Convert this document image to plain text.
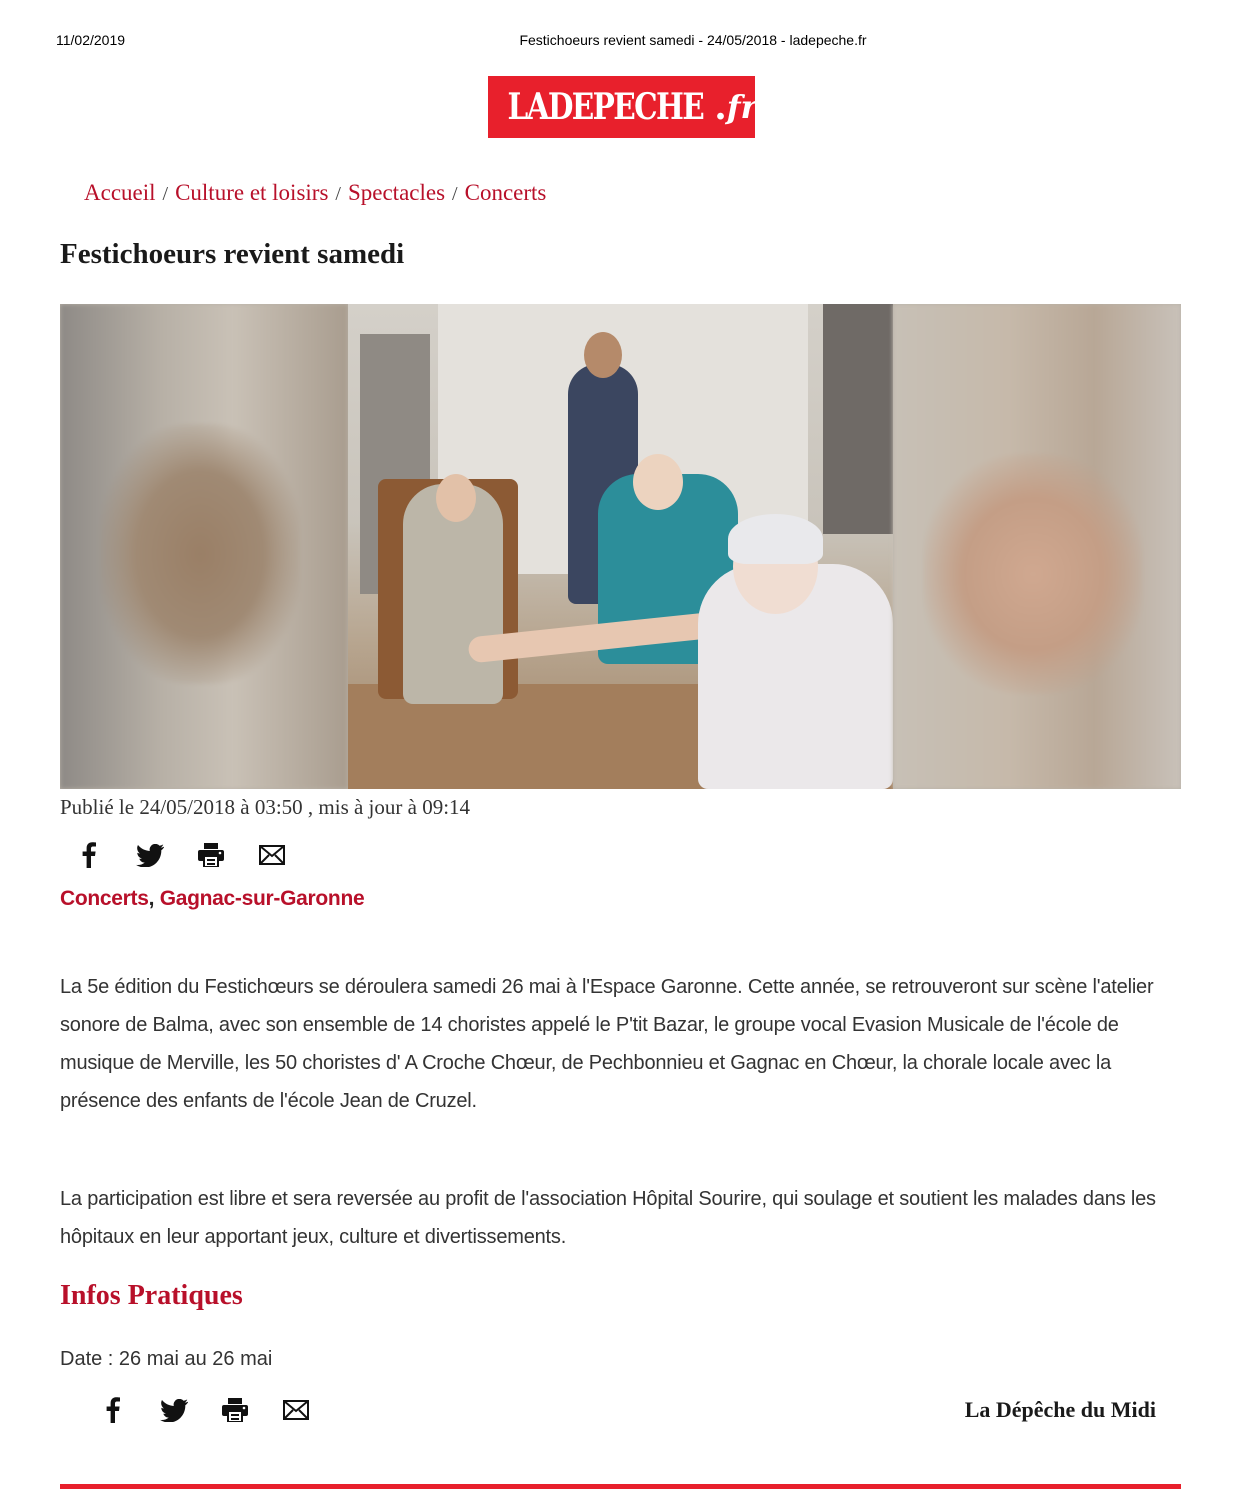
11/02/2019	Festichoeurs revient samedi - 24/05/2018 - ladepeche.fr
LADEPECHE . fr
Accueil / Culture et loisirs / Spectacles / Concerts
Festichoeurs revient samedi
Publié le 24/05/2018 à 03:50 , mis à jour à 09:14
Concerts, Gagnac-sur-Garonne

La 5e édition du Festichœurs se déroulera samedi 26 mai à l'Espace Garonne. Cette année, se retrouveront sur scène l'atelier sonore de Balma, avec son ensemble de 14 choristes appelé le P'tit Bazar, le groupe vocal Evasion Musicale de l'école de musique de Merville, les 50 choristes d' A Croche Chœur, de Pechbonnieu et Gagnac en Chœur, la chorale locale avec la présence des enfants de l'école Jean de Cruzel.

La participation est libre et sera reversée au profit de l'association Hôpital Sourire, qui soulage et soutient les malades dans les hôpitaux en leur apportant jeux, culture et divertissements.

Infos Pratiques
Date : 26 mai au 26 mai
La Dépêche du Midi
